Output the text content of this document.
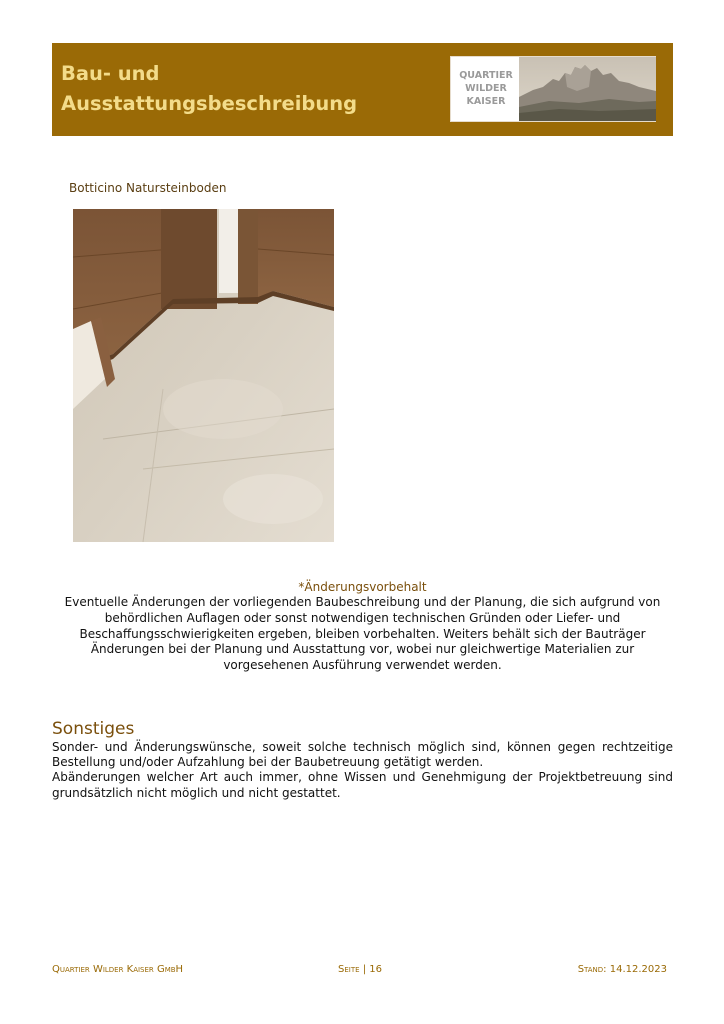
Bau- und
Ausstattungsbeschreibung
QUARTIER
WILDER
KAISER
Botticino Natursteinboden
*Änderungsvorbehalt
Eventuelle Änderungen der vorliegenden Baubeschreibung und der Planung, die sich aufgrund von behördlichen Auflagen oder sonst notwendigen technischen Gründen oder Liefer- und Beschaffungsschwierigkeiten ergeben, bleiben vorbehalten. Weiters behält sich der Bauträger Änderungen bei der Planung und Ausstattung vor, wobei nur gleichwertige Materialien zur vorgesehenen Ausführung verwendet werden.
Sonstiges

Sonder- und Änderungswünsche, soweit solche technisch möglich sind, können gegen rechtzeitige Bestellung und/oder Aufzahlung bei der Baubetreuung getätigt werden.

Abänderungen welcher Art auch immer, ohne Wissen und Genehmigung der Projektbetreuung sind grundsätzlich nicht möglich und nicht gestattet.

Quartier Wilder Kaiser GmbH	Seite | 16	Stand: 14.12.2023
